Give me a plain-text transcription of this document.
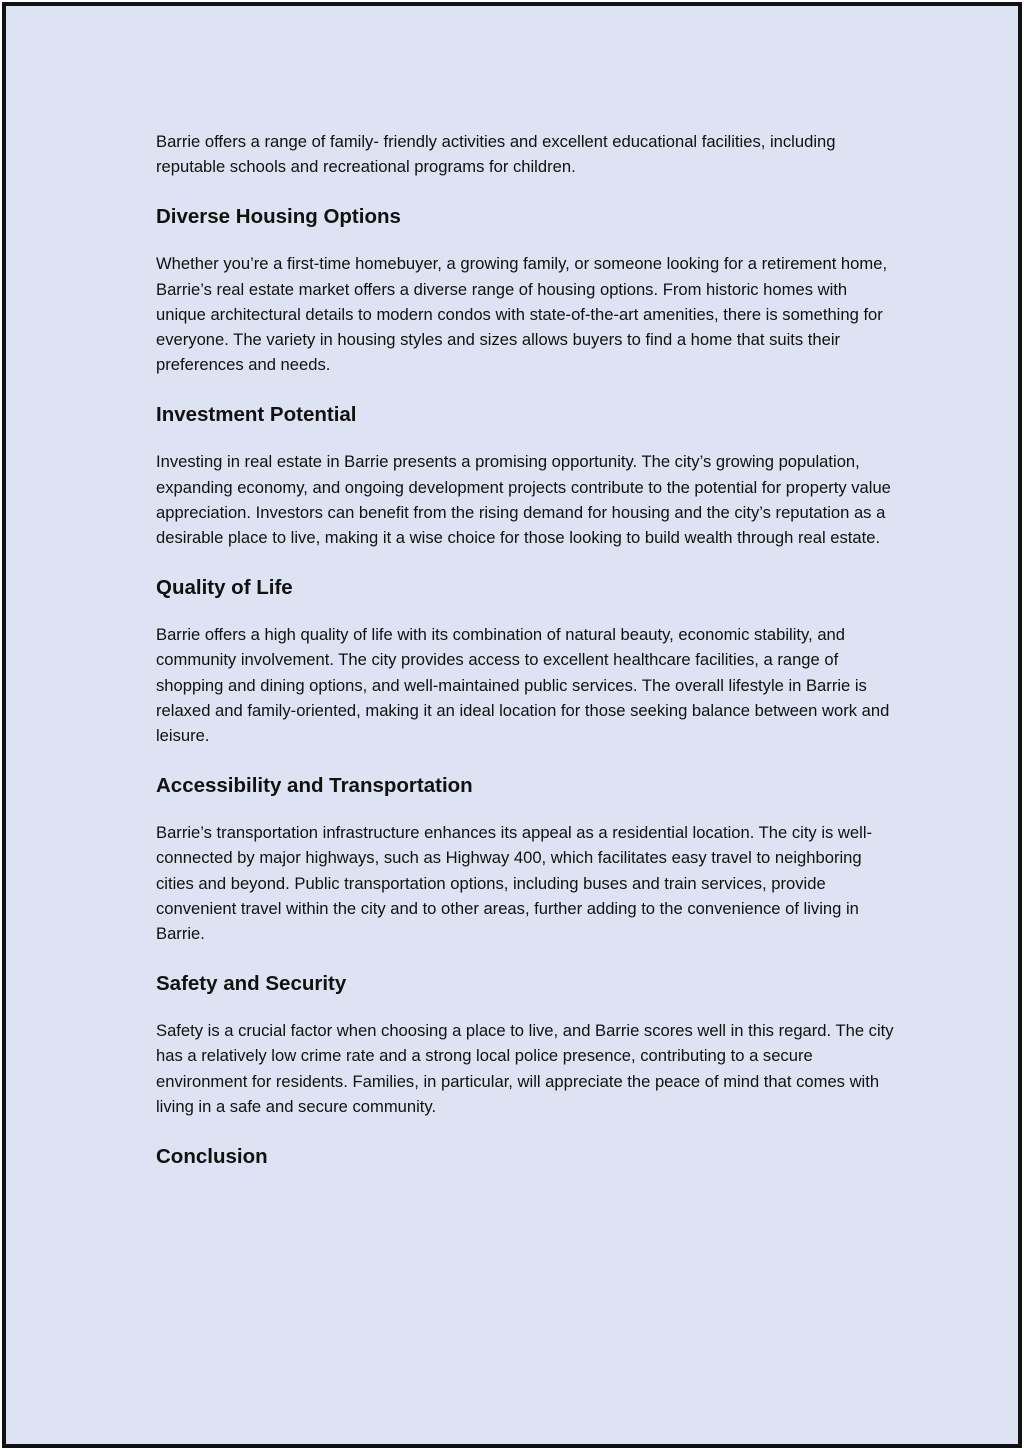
Barrie offers a range of family- friendly activities and excellent educational facilities, including reputable schools and recreational programs for children.

Diverse Housing Options

Whether you’re a first-time homebuyer, a growing family, or someone looking for a retirement home, Barrie’s real estate market offers a diverse range of housing options. From historic homes with unique architectural details to modern condos with state-of-the-art amenities, there is something for everyone. The variety in housing styles and sizes allows buyers to find a home that suits their preferences and needs.

Investment Potential

Investing in real estate in Barrie presents a promising opportunity. The city’s growing population, expanding economy, and ongoing development projects contribute to the potential for property value appreciation. Investors can benefit from the rising demand for housing and the city’s reputation as a desirable place to live, making it a wise choice for those looking to build wealth through real estate.

Quality of Life

Barrie offers a high quality of life with its combination of natural beauty, economic stability, and community involvement. The city provides access to excellent healthcare facilities, a range of shopping and dining options, and well-maintained public services. The overall lifestyle in Barrie is relaxed and family-oriented, making it an ideal location for those seeking balance between work and leisure.

Accessibility and Transportation

Barrie’s transportation infrastructure enhances its appeal as a residential location. The city is well-connected by major highways, such as Highway 400, which facilitates easy travel to neighboring cities and beyond. Public transportation options, including buses and train services, provide convenient travel within the city and to other areas, further adding to the convenience of living in Barrie.

Safety and Security

Safety is a crucial factor when choosing a place to live, and Barrie scores well in this regard. The city has a relatively low crime rate and a strong local police presence, contributing to a secure environment for residents. Families, in particular, will appreciate the peace of mind that comes with living in a safe and secure community.

Conclusion
